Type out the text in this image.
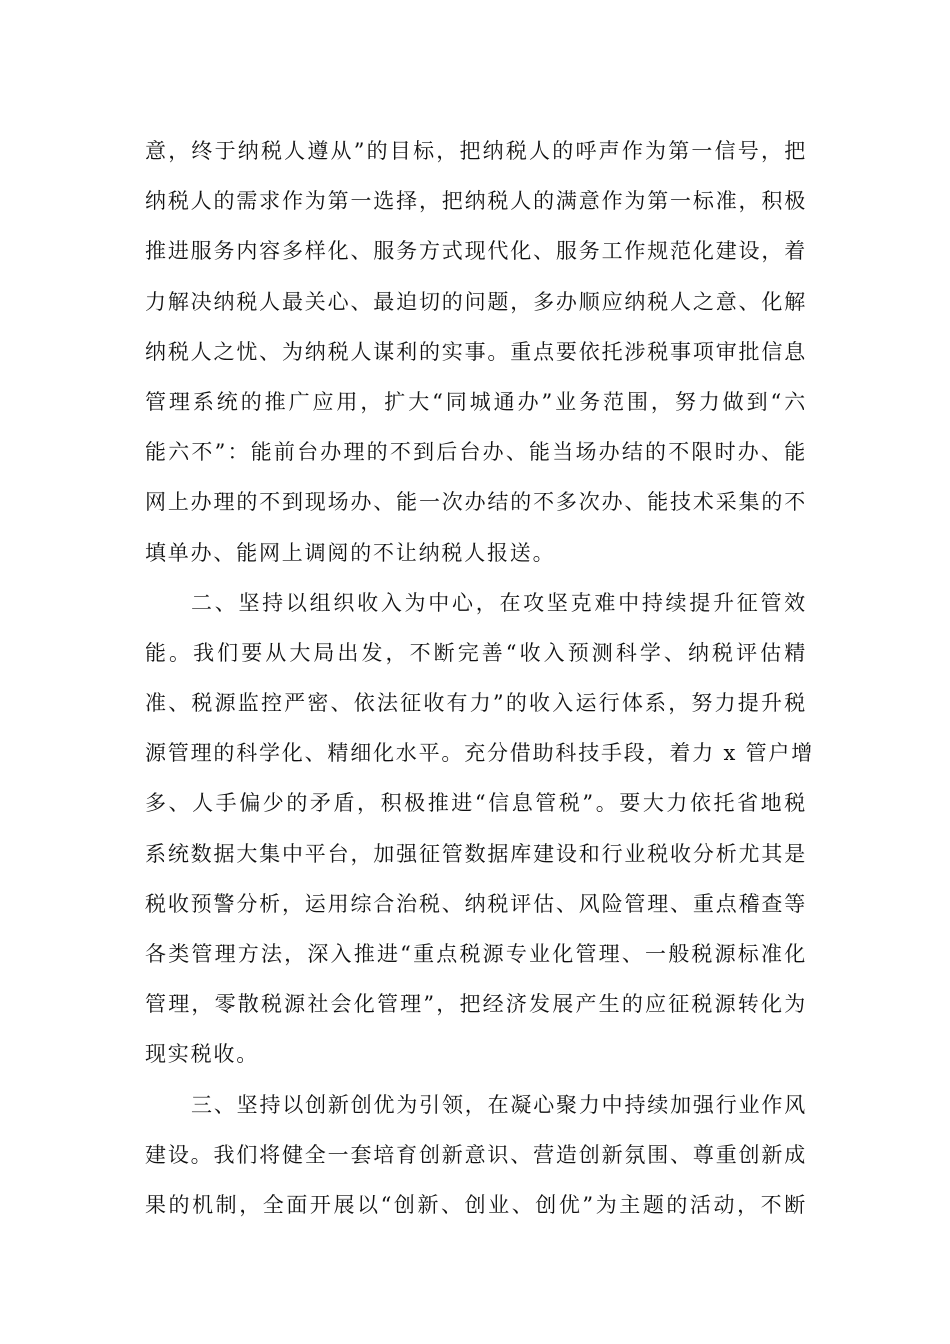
意，终于纳税人遵从”的目标，把纳税人的呼声作为第一信号，把
纳税人的需求作为第一选择，把纳税人的满意作为第一标准，积极
推进服务内容多样化、服务方式现代化、服务工作规范化建设，着
力解决纳税人最关心、最迫切的问题，多办顺应纳税人之意、化解
纳税人之忧、为纳税人谋利的实事。重点要依托涉税事项审批信息
管理系统的推广应用，扩大“同城通办”业务范围，努力做到“六
能六不”：能前台办理的不到后台办、能当场办结的不限时办、能
网上办理的不到现场办、能一次办结的不多次办、能技术采集的不
填单办、能网上调阅的不让纳税人报送。
二、坚持以组织收入为中心，在攻坚克难中持续提升征管效
能。我们要从大局出发，不断完善“收入预测科学、纳税评估精
准、税源监控严密、依法征收有力”的收入运行体系，努力提升税
源管理的科学化、精细化水平。充分借助科技手段，着力 x 管户增
多、人手偏少的矛盾，积极推进“信息管税”。要大力依托省地税
系统数据大集中平台，加强征管数据库建设和行业税收分析尤其是
税收预警分析，运用综合治税、纳税评估、风险管理、重点稽查等
各类管理方法，深入推进“重点税源专业化管理、一般税源标准化
管理，零散税源社会化管理”，把经济发展产生的应征税源转化为
现实税收。
三、坚持以创新创优为引领，在凝心聚力中持续加强行业作风
建设。我们将健全一套培育创新意识、营造创新氛围、尊重创新成
果的机制，全面开展以“创新、创业、创优”为主题的活动，不断
